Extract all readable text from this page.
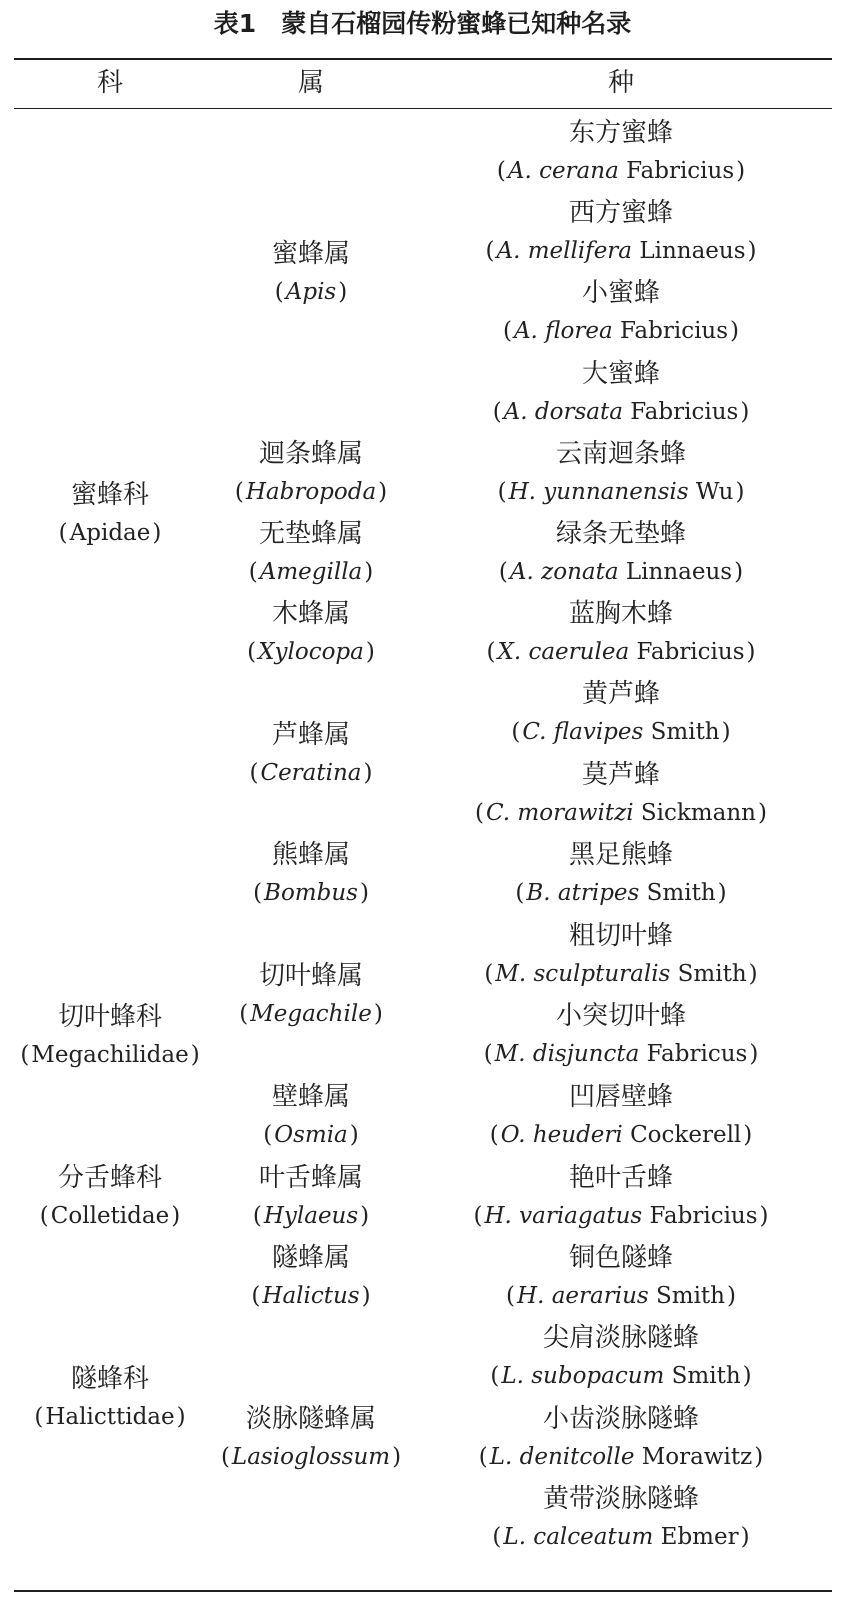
表1　蒙自石榴园传粉蜜蜂已知种名录
科	属	种
蜜蜂科
(Apidae)
切叶蜂科
(Megachilidae)
分舌蜂科
(Colletidae)
隧蜂科
(Halicttidae)
蜜蜂属
(Apis)
迴条蜂属
(Habropoda)
无垫蜂属
(Amegilla)
木蜂属
(Xylocopa)
芦蜂属
(Ceratina)
熊蜂属
(Bombus)
切叶蜂属
(Megachile)
壁蜂属
(Osmia)
叶舌蜂属
(Hylaeus)
隧蜂属
(Halictus)
淡脉隧蜂属
(Lasioglossum)
东方蜜蜂
(A. cerana Fabricius)
西方蜜蜂
(A. mellifera Linnaeus)
小蜜蜂
(A. florea Fabricius)
大蜜蜂
(A. dorsata Fabricius)
云南迴条蜂
(H. yunnanensis Wu)
绿条无垫蜂
(A. zonata Linnaeus)
蓝胸木蜂
(X. caerulea Fabricius)
黄芦蜂
(C. flavipes Smith)
莫芦蜂
(C. morawitzi Sickmann)
黑足熊蜂
(B. atripes Smith)
粗切叶蜂
(M. sculpturalis Smith)
小突切叶蜂
(M. disjuncta Fabricus)
凹唇壁蜂
(O. heuderi Cockerell)
艳叶舌蜂
(H. variagatus Fabricius)
铜色隧蜂
(H. aerarius Smith)
尖肩淡脉隧蜂
(L. subopacum Smith)
小齿淡脉隧蜂
(L. denitcolle Morawitz)
黄带淡脉隧蜂
(L. calceatum Ebmer)
